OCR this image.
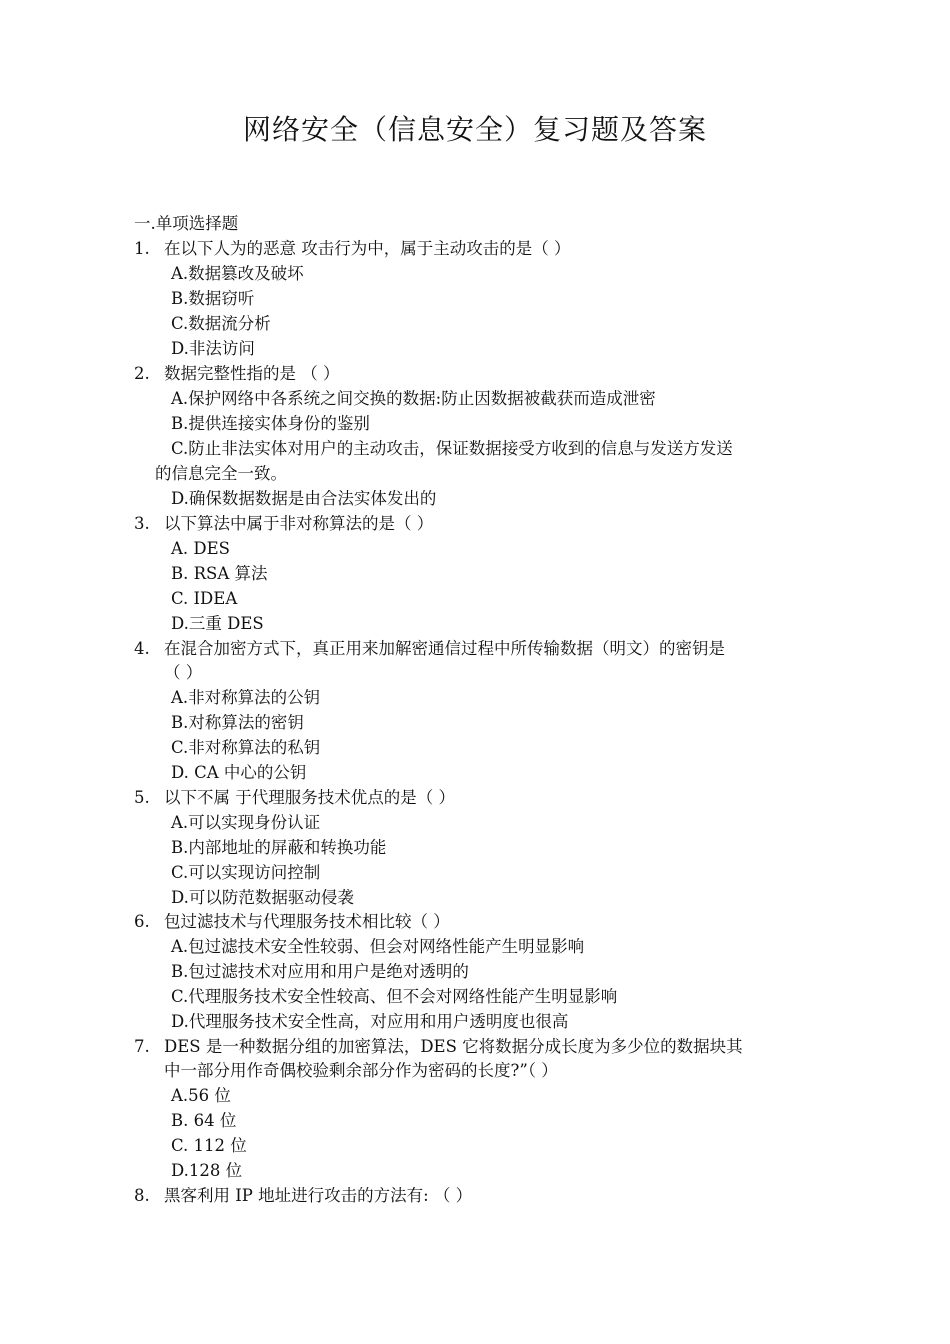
网络安全（信息安全）复习题及答案
一.单项选择题
1. 在以下人为的恶意 攻击行为中，属于主动攻击的是（ ）
A.数据篡改及破坏
B.数据窃听
C.数据流分析
D.非法访问
2. 数据完整性指的是 （ ）
A.保护网络中各系统之间交换的数据:防止因数据被截获而造成泄密
B.提供连接实体身份的鉴别
C.防止非法实体对用户的主动攻击，保证数据接受方收到的信息与发送方发送
的信息完全一致。
D.确保数据数据是由合法实体发出的
3. 以下算法中属于非对称算法的是（ ）
A. DES
B. RSA 算法
C. IDEA
D.三重 DES
4. 在混合加密方式下，真正用来加解密通信过程中所传输数据（明文）的密钥是
（ ）
A.非对称算法的公钥
B.对称算法的密钥
C.非对称算法的私钥
D. CA 中心的公钥
5. 以下不属 于代理服务技术优点的是（ ）
A.可以实现身份认证
B.内部地址的屏蔽和转换功能
C.可以实现访问控制
D.可以防范数据驱动侵袭
6. 包过滤技术与代理服务技术相比较（ ）
A.包过滤技术安全性较弱、但会对网络性能产生明显影响
B.包过滤技术对应用和用户是绝对透明的
C.代理服务技术安全性较高、但不会对网络性能产生明显影响
D.代理服务技术安全性高，对应用和用户透明度也很高
7. DES 是一种数据分组的加密算法，DES 它将数据分成长度为多少位的数据块其
中一部分用作奇偶校验剩余部分作为密码的长度?”（ ）
A.56 位
B. 64 位
C. 112 位
D.128 位
8. 黑客利用 IP 地址进行攻击的方法有: （ ）
